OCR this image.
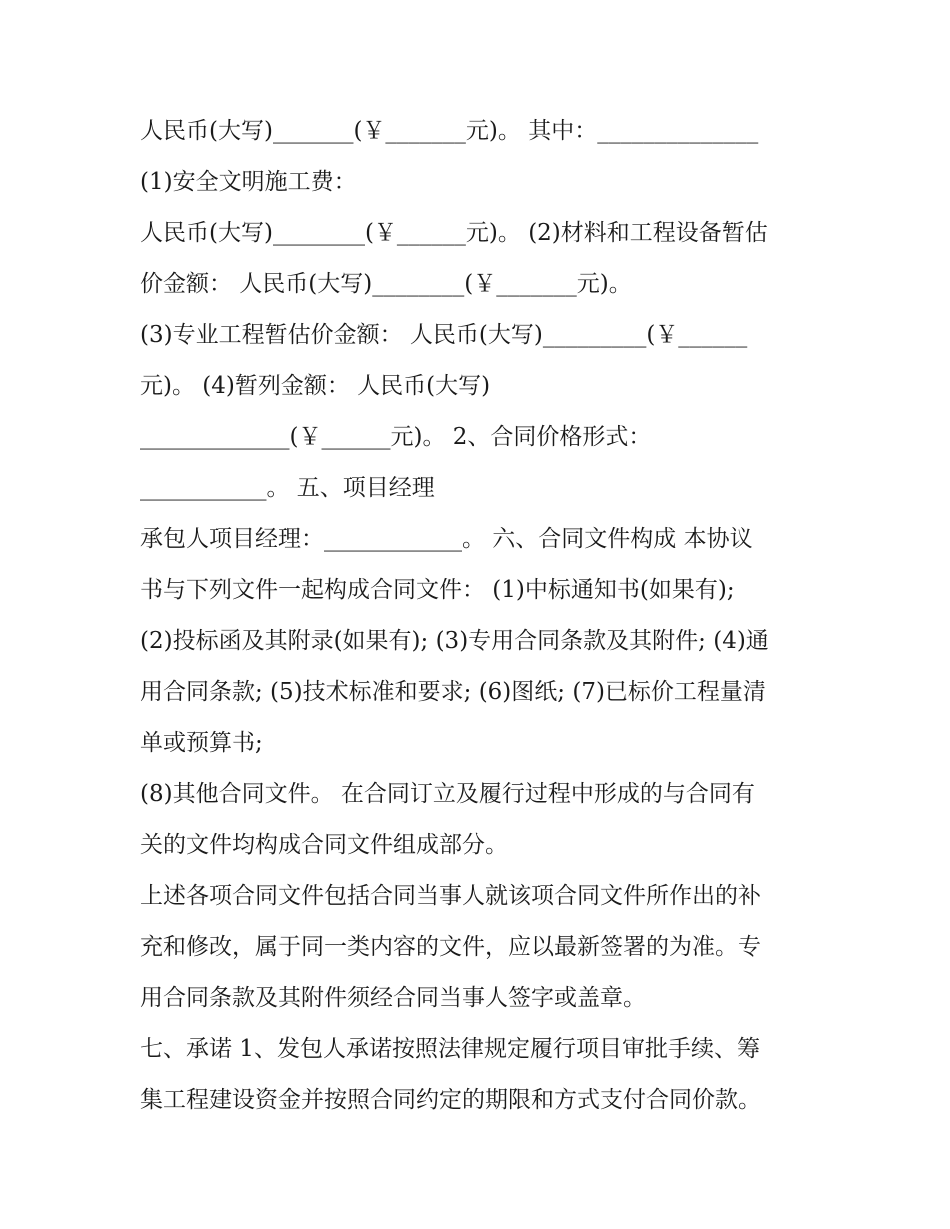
人民币(大写)_______(￥_______元)。 其中：______________
(1)安全文明施工费：
人民币(大写)________(￥______元)。 (2)材料和工程设备暂估
价金额： 人民币(大写)________(￥_______元)。
(3)专业工程暂估价金额： 人民币(大写)_________(￥______
元)。 (4)暂列金额： 人民币(大写)
_____________(￥______元)。 2、合同价格形式：
___________。 五、项目经理
承包人项目经理：____________。 六、合同文件构成 本协议
书与下列文件一起构成合同文件： (1)中标通知书(如果有);
(2)投标函及其附录(如果有); (3)专用合同条款及其附件; (4)通
用合同条款; (5)技术标准和要求; (6)图纸; (7)已标价工程量清
单或预算书;
(8)其他合同文件。 在合同订立及履行过程中形成的与合同有
关的文件均构成合同文件组成部分。
上述各项合同文件包括合同当事人就该项合同文件所作出的补
充和修改，属于同一类内容的文件，应以最新签署的为准。专
用合同条款及其附件须经合同当事人签字或盖章。
七、承诺 1、发包人承诺按照法律规定履行项目审批手续、筹
集工程建设资金并按照合同约定的期限和方式支付合同价款。
